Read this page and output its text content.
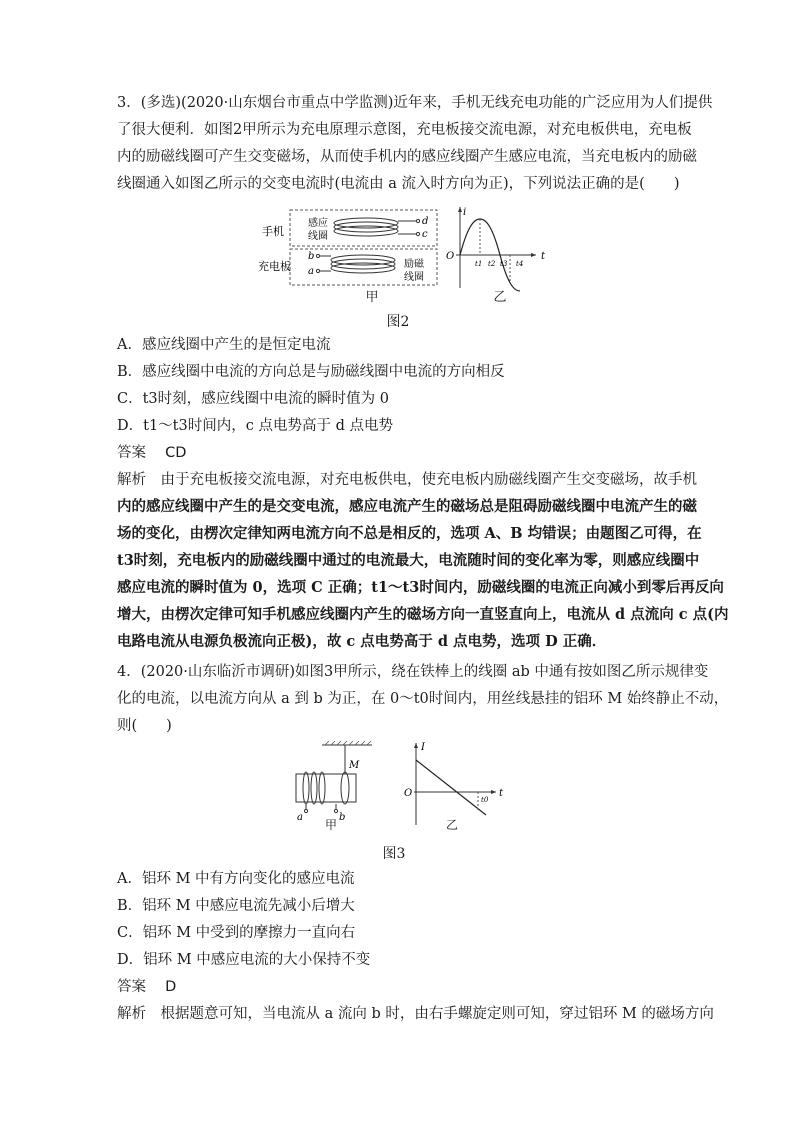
3．(多选)(2020·山东烟台市重点中学监测)近年来，手机无线充电功能的广泛应用为人们提供
了很大便利．如图2甲所示为充电原理示意图，充电板接交流电源，对充电板供电，充电板
内的励磁线圈可产生交变磁场，从而使手机内的感应线圈产生感应电流，当充电板内的励磁
线圈通入如图乙所示的交变电流时(电流由 a 流入时方向为正)，下列说法正确的是(　　)
手机
充电板
感应
线圈
励磁
线圈
d
c
b
a
i
t
O
t1 t2 t3 t4
甲	乙
图2
A．感应线圈中产生的是恒定电流
B．感应线圈中电流的方向总是与励磁线圈中电流的方向相反
C．t3时刻，感应线圈中电流的瞬时值为 0
D．t1～t3时间内，c 点电势高于 d 点电势
答案　 CD
解析　 由于充电板接交流电源，对充电板供电，使充电板内励磁线圈产生交变磁场，故手机
内的感应线圈中产生的是交变电流，感应电流产生的磁场总是阻碍励磁线圈中电流产生的磁
场的变化，由楞次定律知两电流方向不总是相反的，选项 A、B 均错误；由题图乙可得，在
t3时刻，充电板内的励磁线圈中通过的电流最大，电流随时间的变化率为零，则感应线圈中
感应电流的瞬时值为 0，选项 C 正确；t1～t3时间内，励磁线圈的电流正向减小到零后再反向
增大，由楞次定律可知手机感应线圈内产生的磁场方向一直竖直向上，电流从 d 点流向 c 点(内
电路电流从电源负极流向正极)，故 c 点电势高于 d 点电势，选项 D 正确．
4．(2020·山东临沂市调研)如图3甲所示，绕在铁棒上的线圈 ab 中通有按如图乙所示规律变
化的电流，以电流方向从 a 到 b 为正，在 0～t0时间内，用丝线悬挂的铝环 M 始终静止不动，
则(　　)
M
a	b
I
t
O
t0
甲	乙
图3
A．铝环 M 中有方向变化的感应电流
B．铝环 M 中感应电流先减小后增大
C．铝环 M 中受到的摩擦力一直向右
D．铝环 M 中感应电流的大小保持不变
答案　 D
解析　 根据题意可知，当电流从 a 流向 b 时，由右手螺旋定则可知，穿过铝环 M 的磁场方向
